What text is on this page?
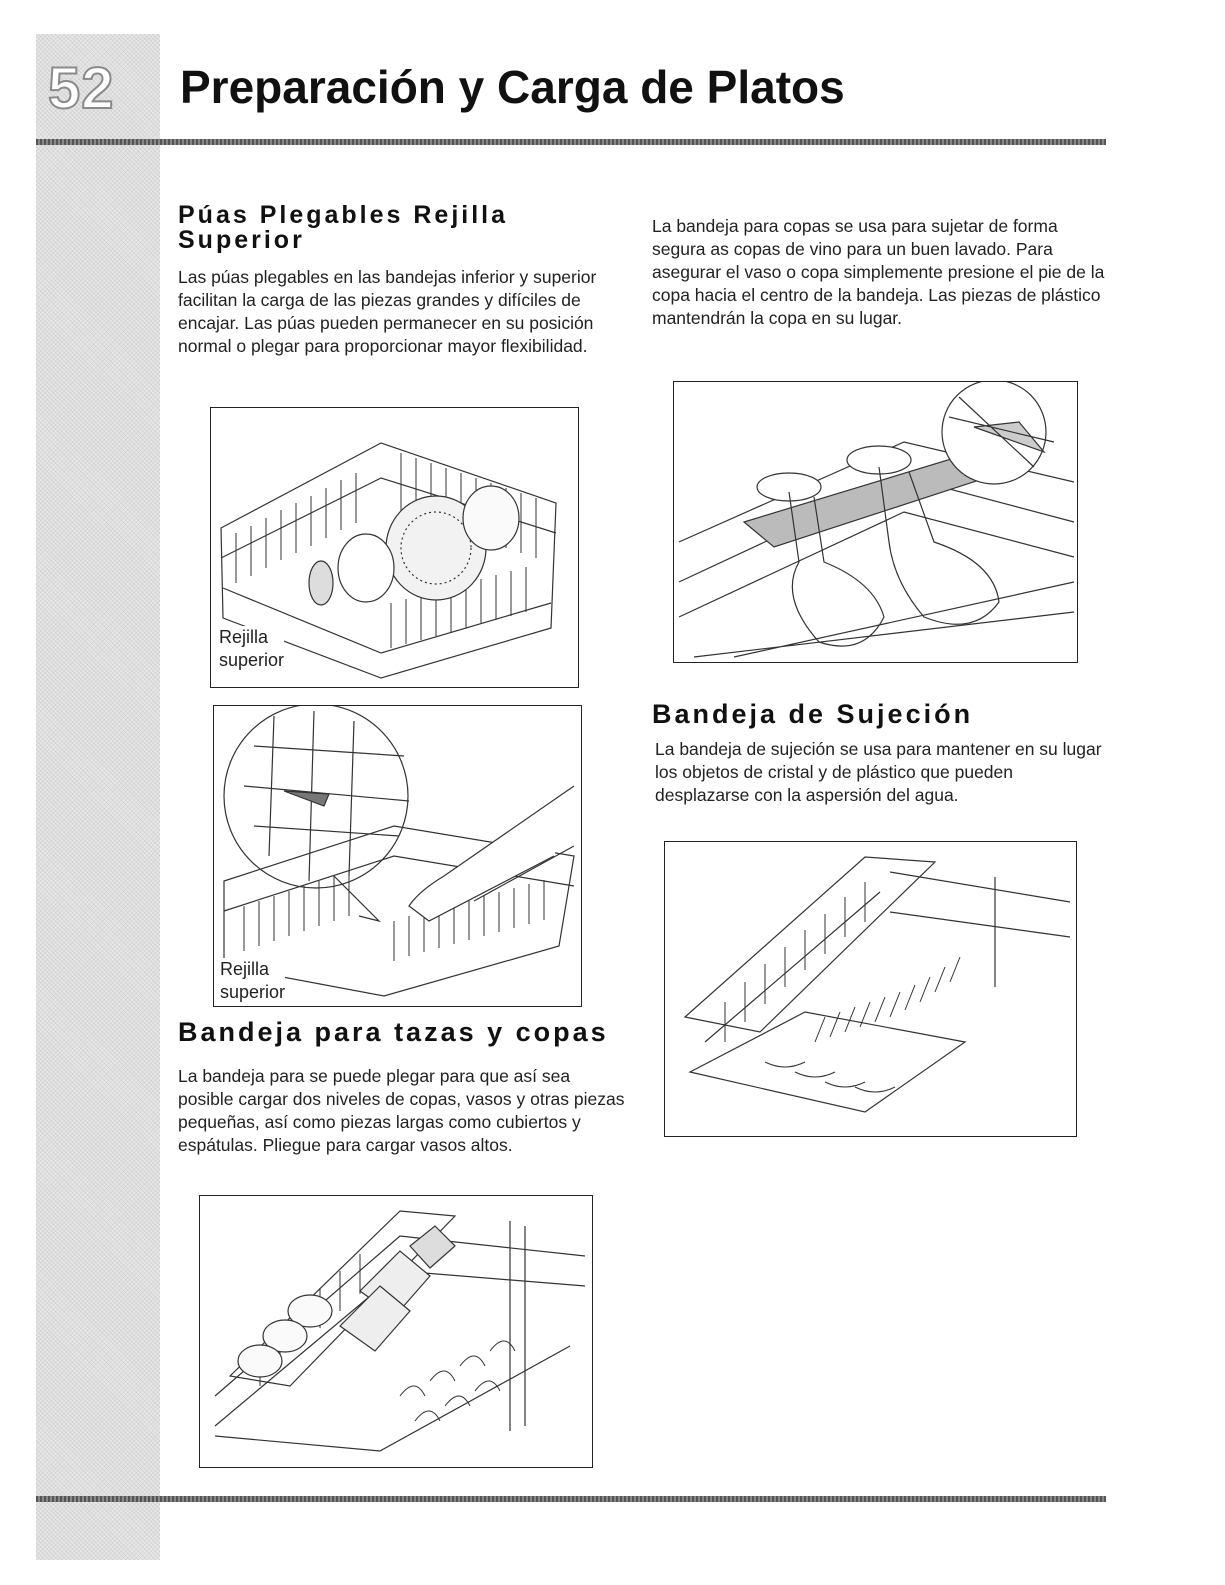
52 Preparación y Carga de Platos
Púas Plegables Rejilla
Superior

Las púas plegables en las bandejas inferior y superior facilitan la carga de las piezas grandes y difíciles de encajar. Las púas pueden permanecer en su posición normal o plegar para proporcionar mayor flexibilidad.

Rejilla
superior
Rejilla
superior
Bandeja para tazas y copas

La bandeja para se puede plegar para que así sea posible cargar dos niveles de copas, vasos y otras piezas pequeñas, así como piezas largas como cubiertos y espátulas. Pliegue para cargar vasos altos.

La bandeja para copas se usa para sujetar de forma segura as copas de vino para un buen lavado. Para asegurar el vaso o copa simplemente presione el pie de la copa hacia el centro de la bandeja. Las piezas de plástico mantendrán la copa en su lugar.

Bandeja de Sujeción

La bandeja de sujeción se usa para mantener en su lugar los objetos de cristal y de plástico que pueden desplazarse con la aspersión del agua.
